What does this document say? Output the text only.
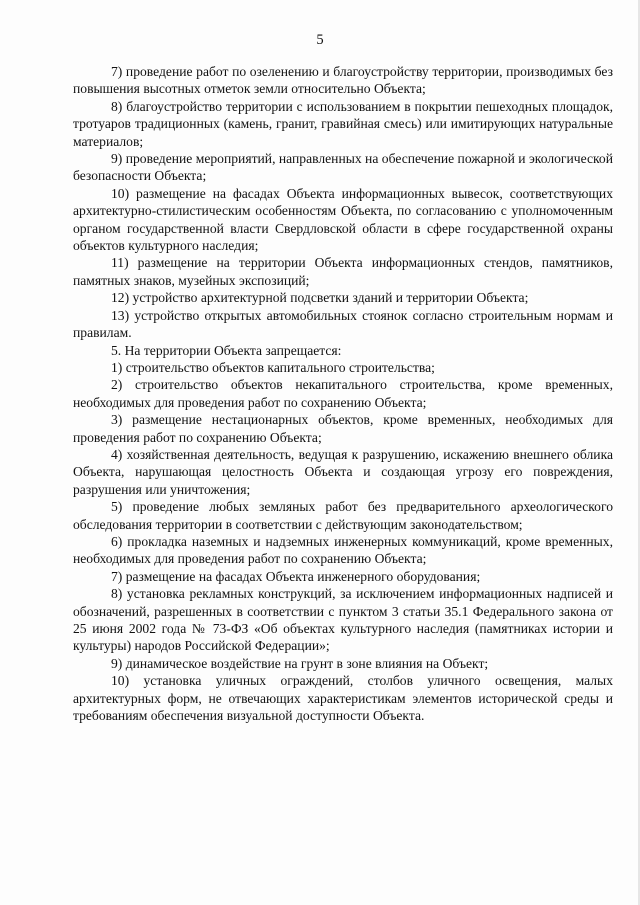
5

7) проведение работ по озеленению и благоустройству территории, производимых без повышения высотных отметок земли относительно Объекта;

8) благоустройство территории с использованием в покрытии пешеходных площадок, тротуаров традиционных (камень, гранит, гравийная смесь) или имитирующих натуральные материалов;

9) проведение мероприятий, направленных на обеспечение пожарной и экологической безопасности Объекта;

10) размещение на фасадах Объекта информационных вывесок, соответствующих архитектурно-стилистическим особенностям Объекта, по согласованию с уполномоченным органом государственной власти Свердловской области в сфере государственной охраны объектов культурного наследия;

11) размещение на территории Объекта информационных стендов, памятников, памятных знаков, музейных экспозиций;

12) устройство архитектурной подсветки зданий и территории Объекта;

13) устройство открытых автомобильных стоянок согласно строительным нормам и правилам.

5. На территории Объекта запрещается:

1) строительство объектов капитального строительства;

2) строительство объектов некапитального строительства, кроме временных, необходимых для проведения работ по сохранению Объекта;

3) размещение нестационарных объектов, кроме временных, необходимых для проведения работ по сохранению Объекта;

4) хозяйственная деятельность, ведущая к разрушению, искажению внешнего облика Объекта, нарушающая целостность Объекта и создающая угрозу его повреждения, разрушения или уничтожения;

5) проведение любых земляных работ без предварительного археологического обследования территории в соответствии с действующим законодательством;

6) прокладка наземных и надземных инженерных коммуникаций, кроме временных, необходимых для проведения работ по сохранению Объекта;

7) размещение на фасадах Объекта инженерного оборудования;

8) установка рекламных конструкций, за исключением информационных надписей и обозначений, разрешенных в соответствии с пунктом 3 статьи 35.1 Федерального закона от 25 июня 2002 года № 73-ФЗ «Об объектах культурного наследия (памятниках истории и культуры) народов Российской Федерации»;

9) динамическое воздействие на грунт в зоне влияния на Объект;

10) установка уличных ограждений, столбов уличного освещения, малых архитектурных форм, не отвечающих характеристикам элементов исторической среды и требованиям обеспечения визуальной доступности Объекта.
